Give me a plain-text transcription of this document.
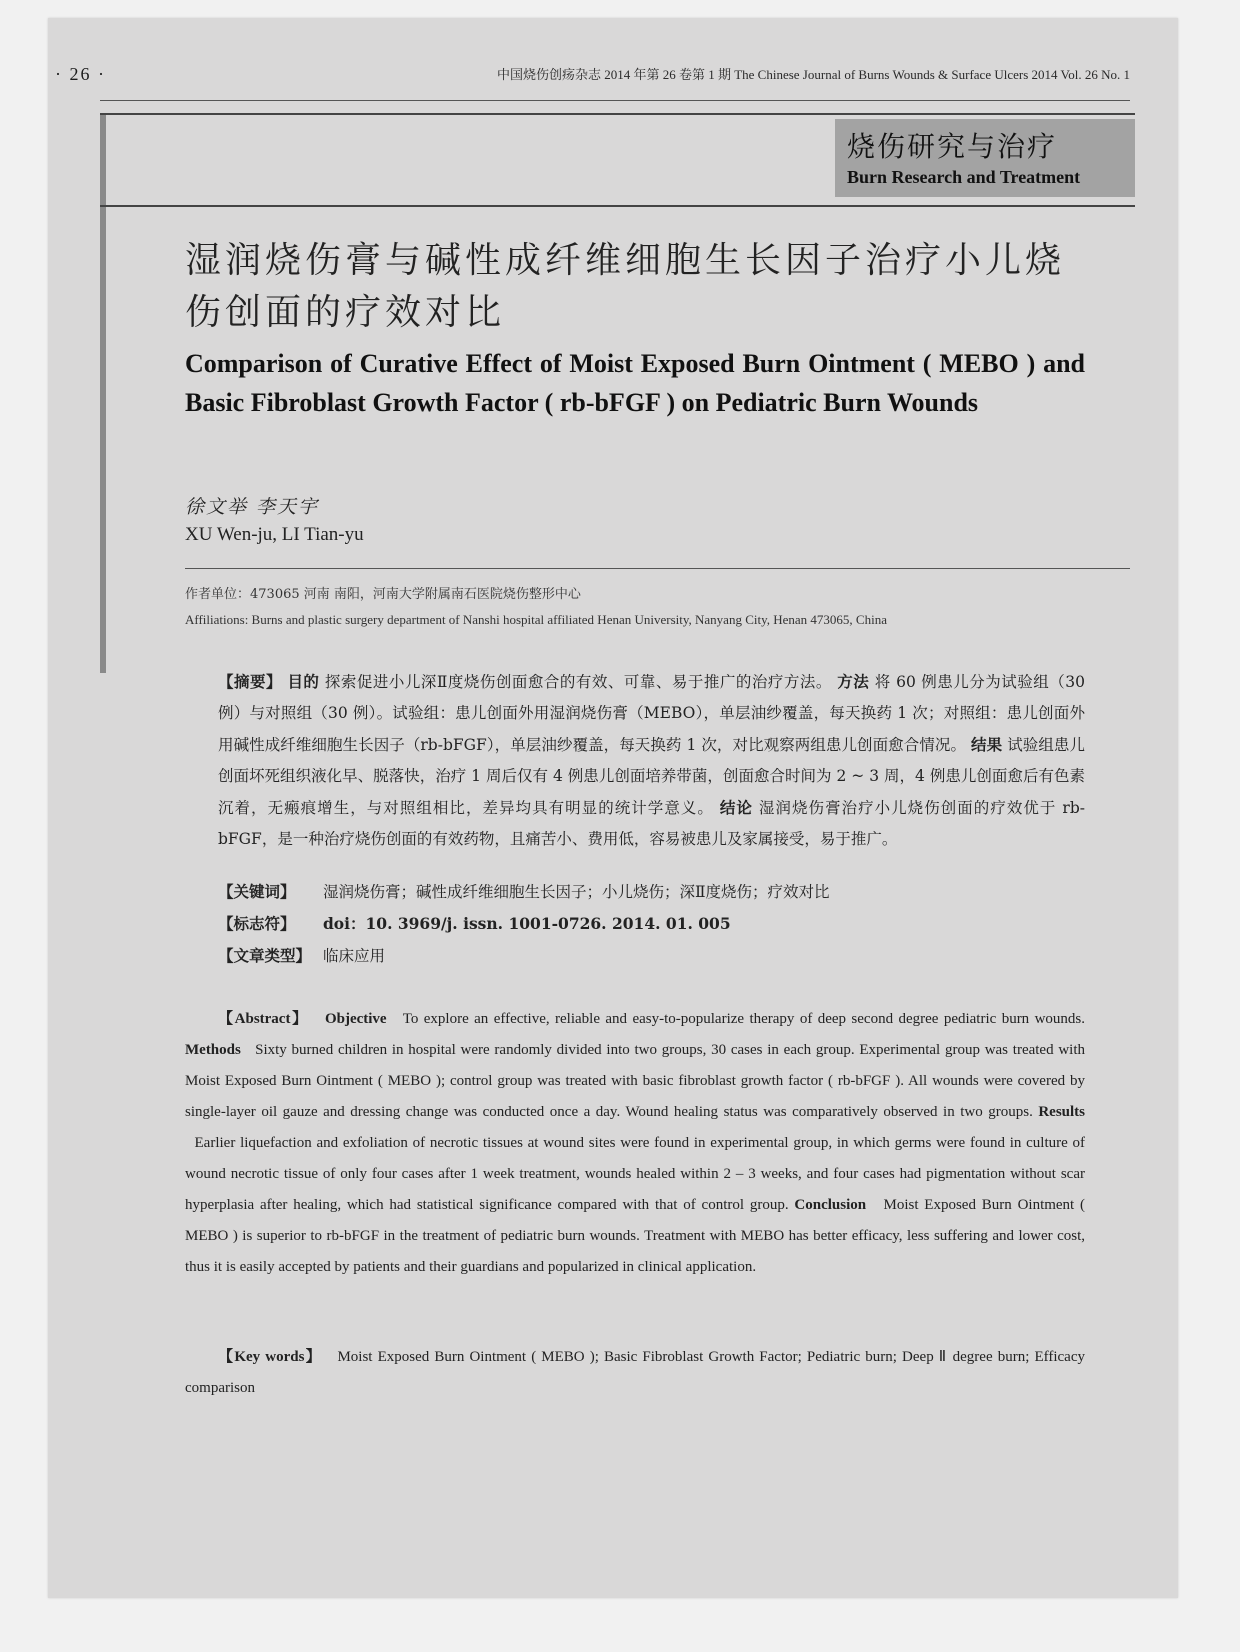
· 26 ·	中国烧伤创疡杂志 2014 年第 26 卷第 1 期 The Chinese Journal of Burns Wounds & Surface Ulcers 2014 Vol. 26 No. 1
烧伤研究与治疗
Burn Research and Treatment
湿润烧伤膏与碱性成纤维细胞生长因子治疗小儿烧伤创面的疗效对比
Comparison of Curative Effect of Moist Exposed Burn Ointment ( MEBO ) and Basic Fibroblast Growth Factor ( rb-bFGF ) on Pediatric Burn Wounds
徐文举 李天宇
XU Wen-ju, LI Tian-yu
作者单位：473065 河南 南阳，河南大学附属南石医院烧伤整形中心
Affiliations: Burns and plastic surgery department of Nanshi hospital affiliated Henan University, Nanyang City, Henan 473065, China
【摘要】 目的 探索促进小儿深Ⅱ度烧伤创面愈合的有效、可靠、易于推广的治疗方法。 方法 将 60 例患儿分为试验组（30 例）与对照组（30 例）。试验组：患儿创面外用湿润烧伤膏（MEBO），单层油纱覆盖，每天换药 1 次；对照组：患儿创面外用碱性成纤维细胞生长因子（rb-bFGF），单层油纱覆盖，每天换药 1 次，对比观察两组患儿创面愈合情况。 结果 试验组患儿创面坏死组织液化早、脱落快，治疗 1 周后仅有 4 例患儿创面培养带菌，创面愈合时间为 2 ~ 3 周，4 例患儿创面愈后有色素沉着，无瘢痕增生，与对照组相比，差异均具有明显的统计学意义。 结论 湿润烧伤膏治疗小儿烧伤创面的疗效优于 rb-bFGF，是一种治疗烧伤创面的有效药物，且痛苦小、费用低，容易被患儿及家属接受，易于推广。
【关键词】 湿润烧伤膏；碱性成纤维细胞生长因子；小儿烧伤；深Ⅱ度烧伤；疗效对比
【标志符】 doi：10. 3969/j. issn. 1001-0726. 2014. 01. 005
【文章类型】 临床应用
【Abstract】 Objective To explore an effective, reliable and easy-to-popularize therapy of deep second degree pediatric burn wounds. Methods Sixty burned children in hospital were randomly divided into two groups, 30 cases in each group. Experimental group was treated with Moist Exposed Burn Ointment ( MEBO ); control group was treated with basic fibroblast growth factor ( rb-bFGF ). All wounds were covered by single-layer oil gauze and dressing change was conducted once a day. Wound healing status was comparatively observed in two groups. Results   Earlier liquefaction and exfoliation of necrotic tissues at wound sites were found in experimental group, in which germs were found in culture of wound necrotic tissue of only four cases after 1 week treatment, wounds healed within 2 – 3 weeks, and four cases had pigmentation without scar hyperplasia after healing, which had statistical significance compared with that of control group. Conclusion Moist Exposed Burn Ointment ( MEBO ) is superior to rb-bFGF in the treatment of pediatric burn wounds. Treatment with MEBO has better efficacy, less suffering and lower cost, thus it is easily accepted by patients and their guardians and popularized in clinical application.
【Key words】 Moist Exposed Burn Ointment ( MEBO ); Basic Fibroblast Growth Factor; Pediatric burn; Deep Ⅱ degree burn; Efficacy comparison
